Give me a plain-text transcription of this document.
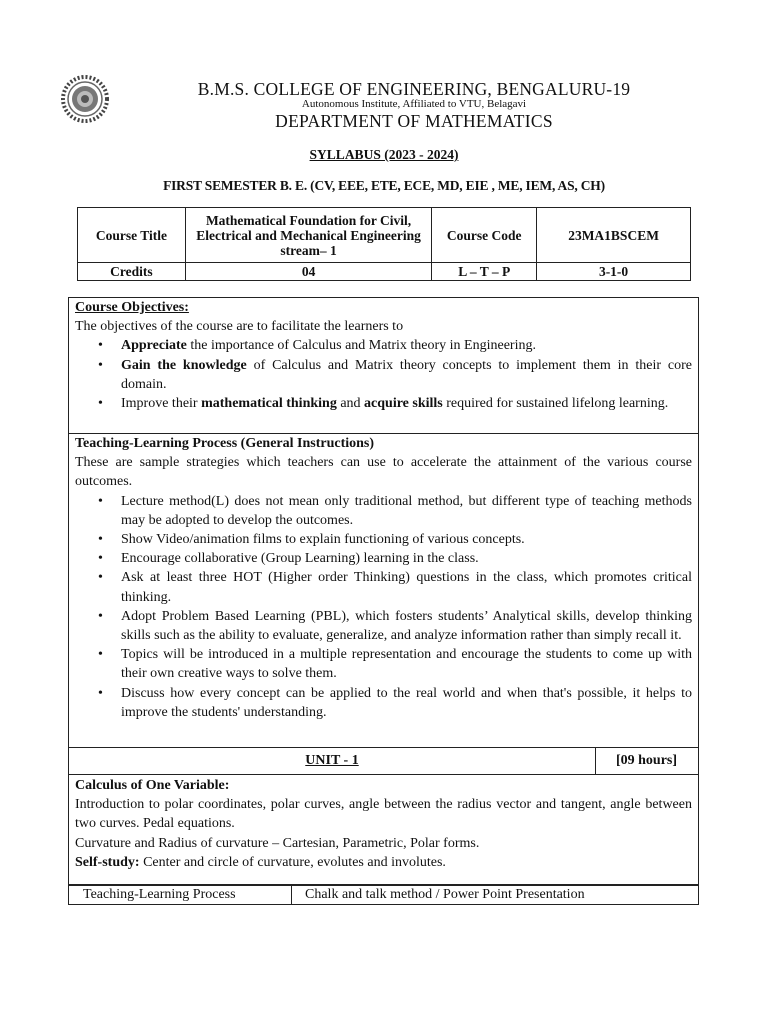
B.M.S. COLLEGE OF ENGINEERING, BENGALURU-19
Autonomous Institute, Affiliated to VTU, Belagavi
DEPARTMENT OF MATHEMATICS
SYLLABUS (2023 - 2024)
FIRST SEMESTER B. E. (CV, EEE, ETE, ECE, MD, EIE , ME, IEM, AS, CH)
Course Title	Mathematical Foundation for Civil, Electrical and Mechanical Engineering stream– 1	Course Code	23MA1BSCEM
Credits	04	L – T – P	3-1-0
Course Objectives:

The objectives of the course are to facilitate the learners to

• Appreciate the importance of Calculus and Matrix theory in Engineering.
• Gain the knowledge of Calculus and Matrix theory concepts to implement them in their core domain.
• Improve their mathematical thinking and acquire skills required for sustained lifelong learning.
Teaching-Learning Process (General Instructions)

These are sample strategies which teachers can use to accelerate the attainment of the various course outcomes.

• Lecture method(L) does not mean only traditional method, but different type of teaching methods may be adopted to develop the outcomes.
• Show Video/animation films to explain functioning of various concepts.
• Encourage collaborative (Group Learning) learning in the class.
• Ask at least three HOT (Higher order Thinking) questions in the class, which promotes critical thinking.
• Adopt Problem Based Learning (PBL), which fosters students’ Analytical skills, develop thinking skills such as the ability to evaluate, generalize, and analyze information rather than simply recall it.
• Topics will be introduced in a multiple representation and encourage the students to come up with their own creative ways to solve them.
• Discuss how every concept can be applied to the real world and when that's possible, it helps to improve the students' understanding.
UNIT - 1	[09 hours]
Calculus of One Variable:

Introduction to polar coordinates, polar curves, angle between the radius vector and tangent, angle between two curves. Pedal equations.

Curvature and Radius of curvature – Cartesian, Parametric, Polar forms.

Self-study: Center and circle of curvature, evolutes and involutes.

Teaching-Learning Process	Chalk and talk method / Power Point Presentation
